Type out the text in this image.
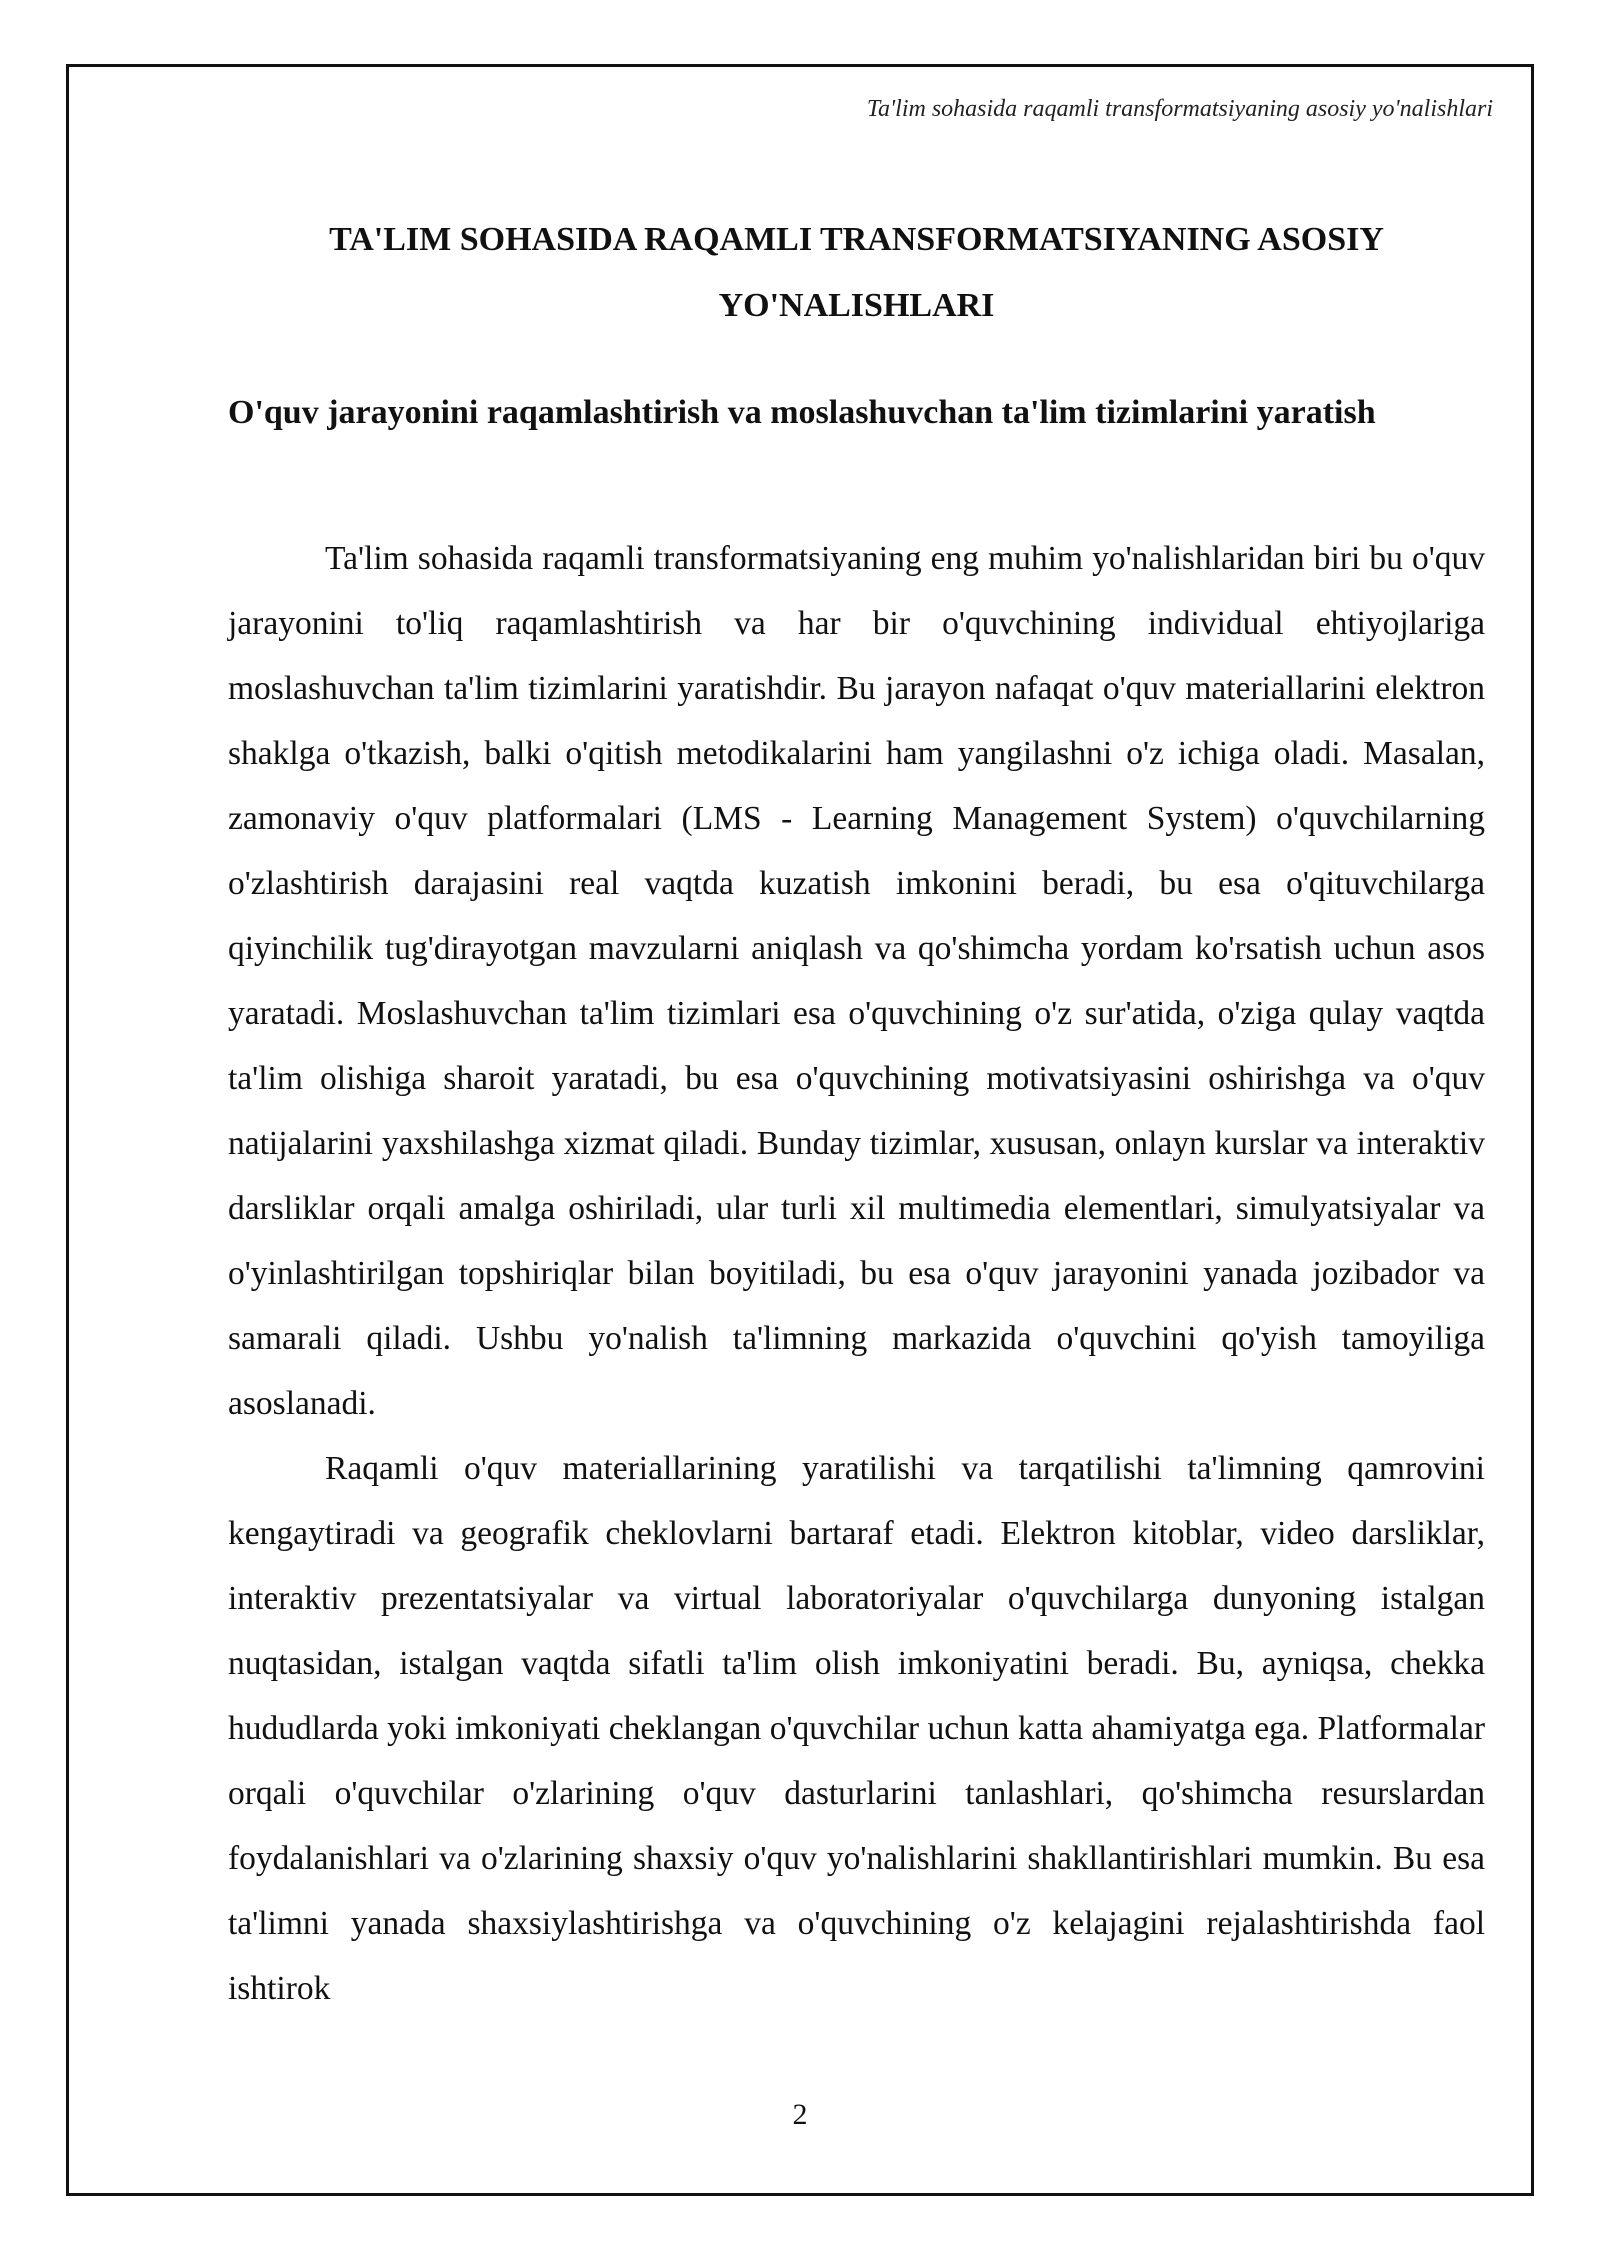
Ta'lim sohasida raqamli transformatsiyaning asosiy yo'nalishlari
TA'LIM SOHASIDA RAQAMLI TRANSFORMATSIYANING ASOSIY
YO'NALISHLARI
O'quv jarayonini raqamlashtirish va moslashuvchan ta'lim tizimlarini yaratish

Ta'lim sohasida raqamli transformatsiyaning eng muhim yo'nalishlaridan biri bu o'quv jarayonini to'liq raqamlashtirish va har bir o'quvchining individual ehtiyojlariga moslashuvchan ta'lim tizimlarini yaratishdir. Bu jarayon nafaqat o'quv materiallarini elektron shaklga o'tkazish, balki o'qitish metodikalarini ham yangilashni o'z ichiga oladi. Masalan, zamonaviy o'quv platformalari (LMS - Learning Management System) o'quvchilarning o'zlashtirish darajasini real vaqtda kuzatish imkonini beradi, bu esa o'qituvchilarga qiyinchilik tug'dirayotgan mavzularni aniqlash va qo'shimcha yordam ko'rsatish uchun asos yaratadi. Moslashuvchan ta'lim tizimlari esa o'quvchining o'z sur'atida, o'ziga qulay vaqtda ta'lim olishiga sharoit yaratadi, bu esa o'quvchining motivatsiyasini oshirishga va o'quv natijalarini yaxshilashga xizmat qiladi. Bunday tizimlar, xususan, onlayn kurslar va interaktiv darsliklar orqali amalga oshiriladi, ular turli xil multimedia elementlari, simulyatsiyalar va o'yinlashtirilgan topshiriqlar bilan boyitiladi, bu esa o'quv jarayonini yanada jozibador va samarali qiladi. Ushbu yo'nalish ta'limning markazida o'quvchini qo'yish tamoyiliga asoslanadi.

Raqamli o'quv materiallarining yaratilishi va tarqatilishi ta'limning qamrovini kengaytiradi va geografik cheklovlarni bartaraf etadi. Elektron kitoblar, video darsliklar, interaktiv prezentatsiyalar va virtual laboratoriyalar o'quvchilarga dunyoning istalgan nuqtasidan, istalgan vaqtda sifatli ta'lim olish imkoniyatini beradi. Bu, ayniqsa, chekka hududlarda yoki imkoniyati cheklangan o'quvchilar uchun katta ahamiyatga ega. Platformalar orqali o'quvchilar o'zlarining o'quv dasturlarini tanlashlari, qo'shimcha resurslardan foydalanishlari va o'zlarining shaxsiy o'quv yo'nalishlarini shakllantirishlari mumkin. Bu esa ta'limni yanada shaxsiylashtirishga va o'quvchining o'z kelajagini rejalashtirishda faol ishtirok

2
